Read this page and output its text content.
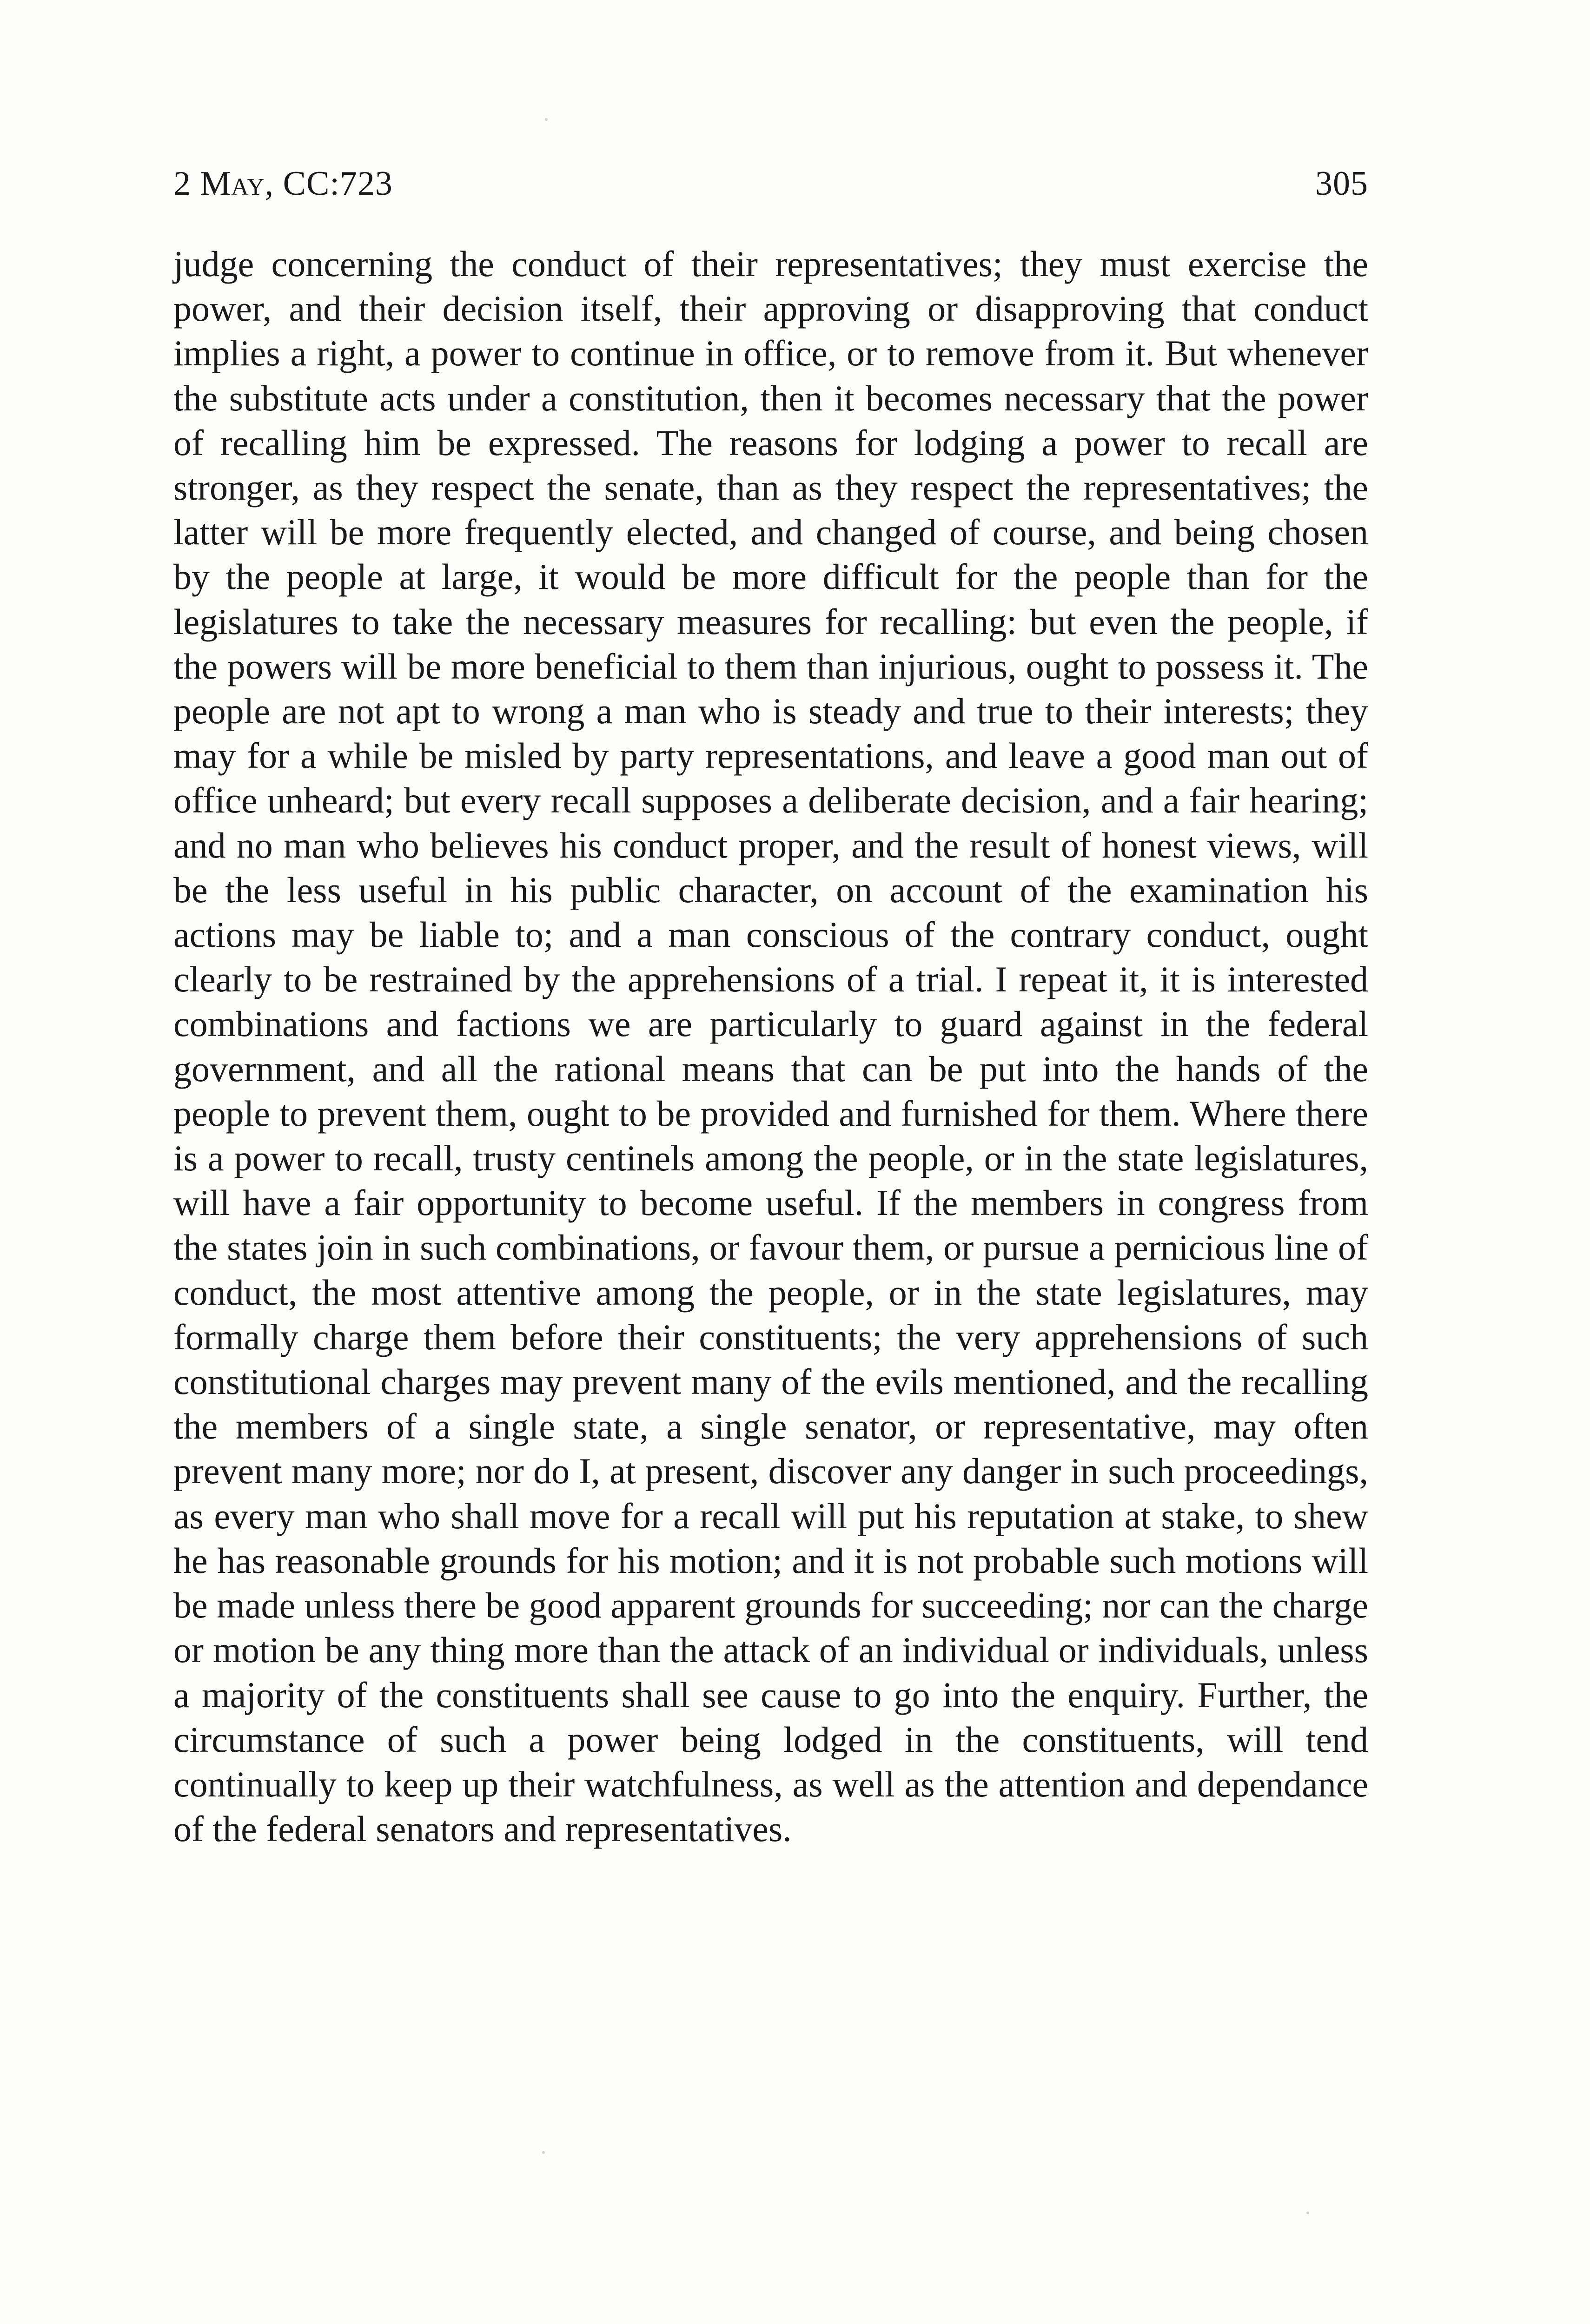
2 May, CC:723	305

judge concerning the conduct of their representatives; they must exercise the power, and their decision itself, their approving or disapproving that conduct implies a right, a power to continue in office, or to remove from it. But whenever the substitute acts under a constitution, then it becomes necessary that the power of recalling him be expressed. The reasons for lodging a power to recall are stronger, as they respect the senate, than as they respect the representatives; the latter will be more frequently elected, and changed of course, and being chosen by the people at large, it would be more difficult for the people than for the legislatures to take the necessary measures for recalling: but even the people, if the powers will be more beneficial to them than injurious, ought to possess it. The people are not apt to wrong a man who is steady and true to their interests; they may for a while be misled by party representations, and leave a good man out of office unheard; but every recall supposes a deliberate decision, and a fair hearing; and no man who believes his conduct proper, and the result of honest views, will be the less useful in his public character, on account of the examination his actions may be liable to; and a man conscious of the contrary conduct, ought clearly to be restrained by the apprehensions of a trial. I repeat it, it is interested combinations and factions we are particularly to guard against in the federal government, and all the rational means that can be put into the hands of the people to prevent them, ought to be provided and furnished for them. Where there is a power to recall, trusty centinels among the people, or in the state legislatures, will have a fair opportunity to become useful. If the members in congress from the states join in such combinations, or favour them, or pursue a pernicious line of conduct, the most attentive among the people, or in the state legislatures, may formally charge them before their constituents; the very apprehensions of such constitutional charges may prevent many of the evils mentioned, and the recalling the members of a single state, a single senator, or representative, may often prevent many more; nor do I, at present, discover any danger in such proceedings, as every man who shall move for a recall will put his reputation at stake, to shew he has reasonable grounds for his motion; and it is not probable such motions will be made unless there be good apparent grounds for succeeding; nor can the charge or motion be any thing more than the attack of an individual or individuals, unless a majority of the constituents shall see cause to go into the enquiry. Further, the circumstance of such a power being lodged in the constituents, will tend continually to keep up their watchfulness, as well as the attention and dependance of the federal senators and representatives.
